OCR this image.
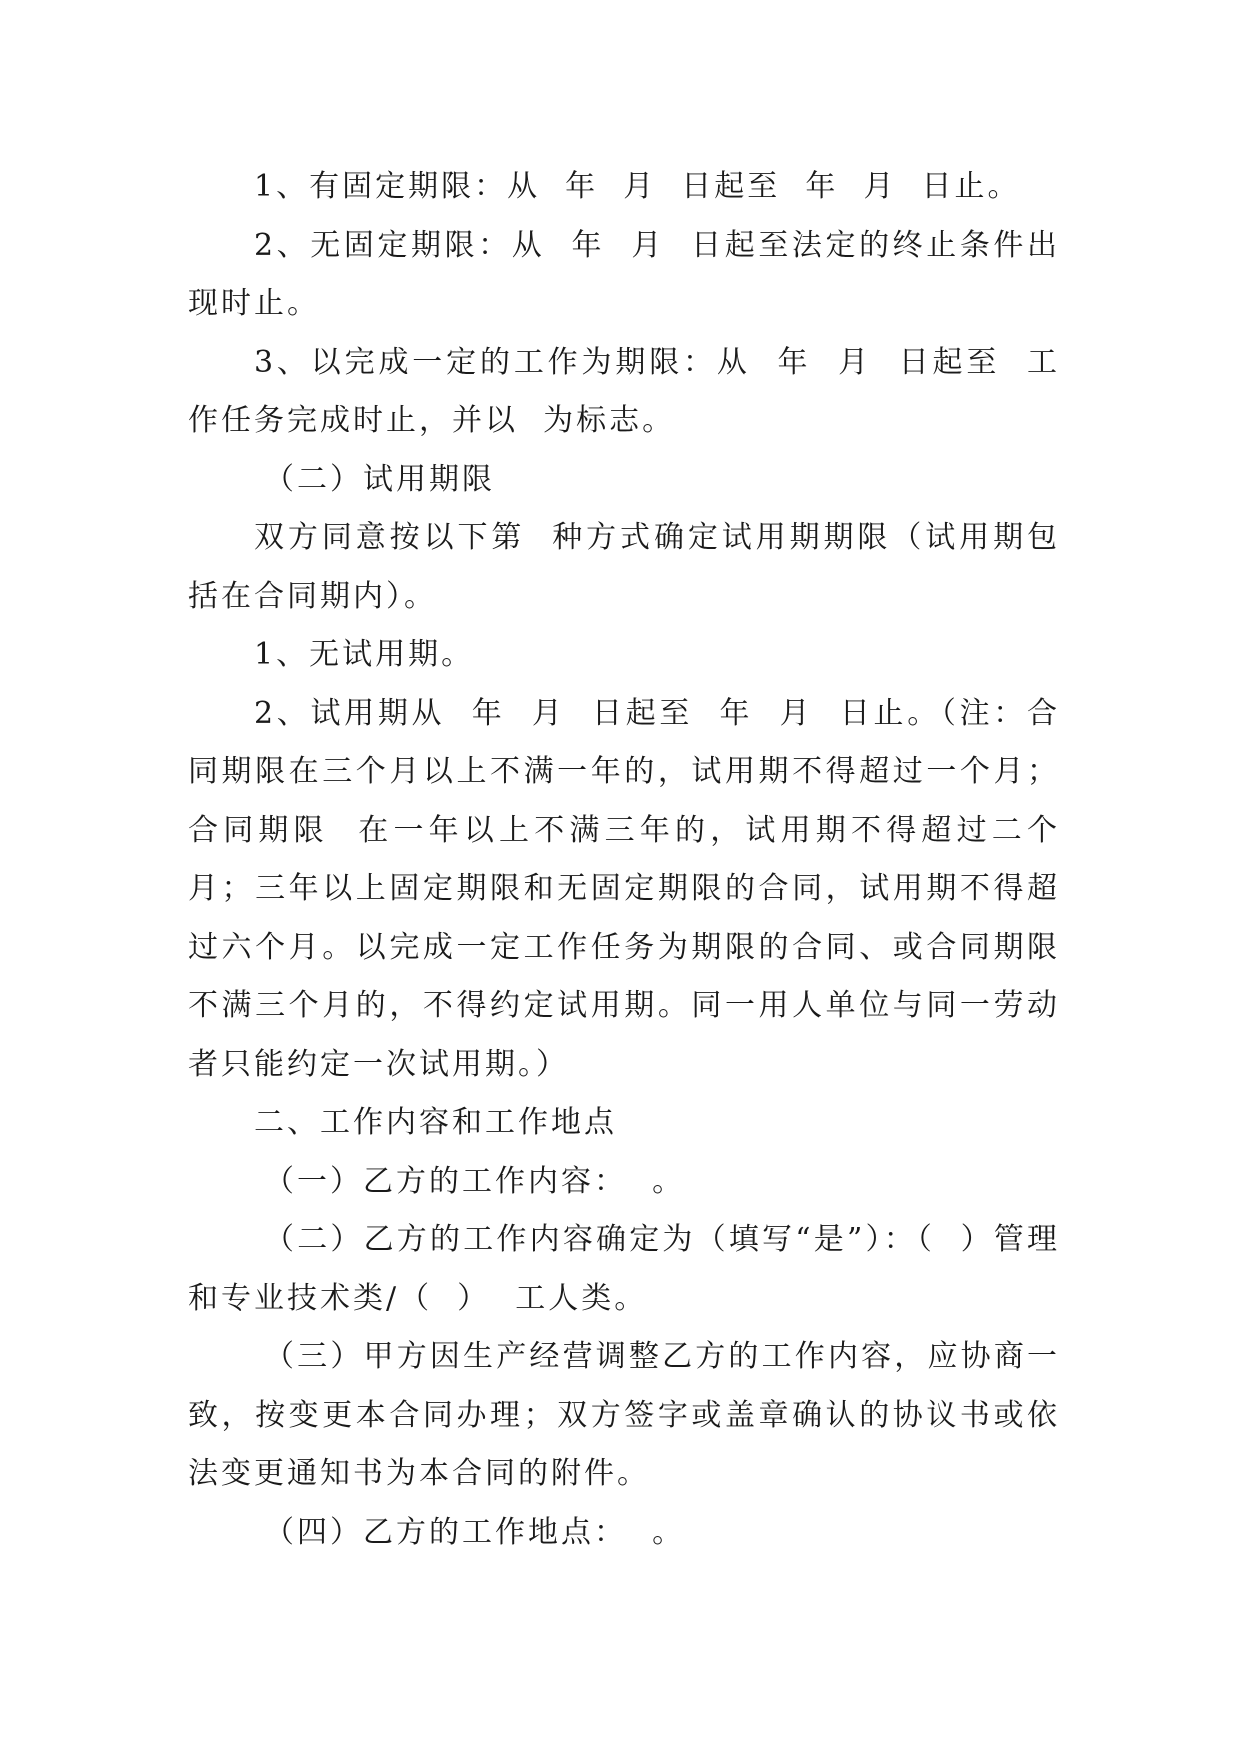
1、有固定期限：从  年  月  日起至  年  月  日止。

2、无固定期限：从  年  月  日起至法定的终止条件出现时止。

3、以完成一定的工作为期限：从  年  月  日起至  工作任务完成时止，并以  为标志。

（二）试用期限

双方同意按以下第  种方式确定试用期期限（试用期包括在合同期内）。

1、无试用期。

2、试用期从  年  月  日起至  年  月  日止。（注：合同期限在三个月以上不满一年的，试用期不得超过一个月；合同期限  在一年以上不满三年的，试用期不得超过二个月；三年以上固定期限和无固定期限的合同，试用期不得超过六个月。以完成一定工作任务为期限的合同、或合同期限不满三个月的，不得约定试用期。同一用人单位与同一劳动者只能约定一次试用期。）

二、工作内容和工作地点

（一）乙方的工作内容：  。

（二）乙方的工作内容确定为（填写“是”）：（  ）管理和专业技术类/（  ）  工人类。

（三）甲方因生产经营调整乙方的工作内容，应协商一致，按变更本合同办理；双方签字或盖章确认的协议书或依法变更通知书为本合同的附件。

（四）乙方的工作地点：  。
